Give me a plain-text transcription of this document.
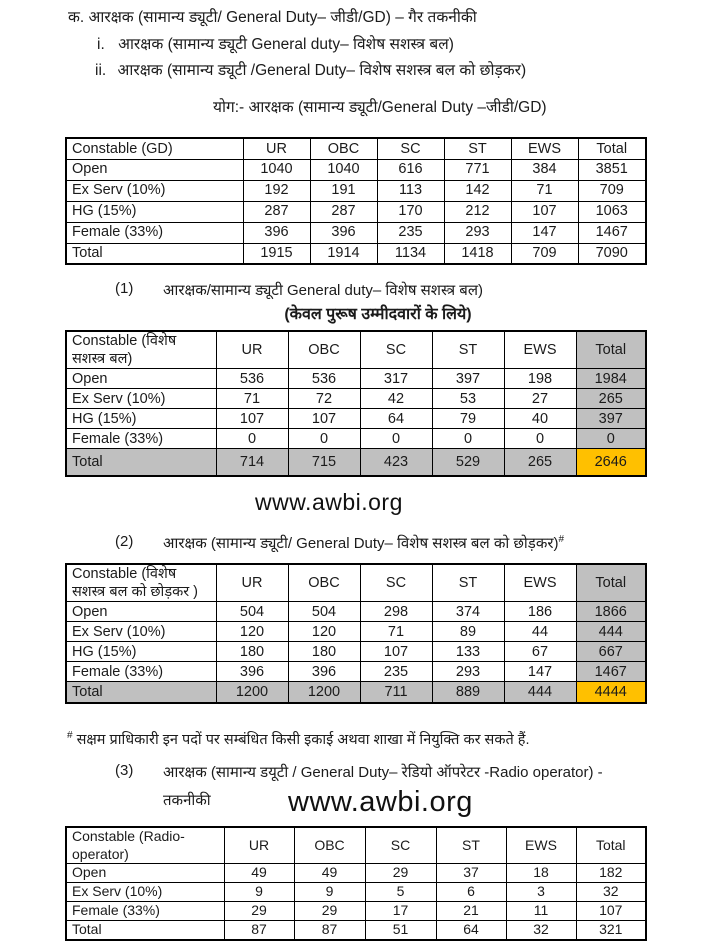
क. आरक्षक (सामान्य ड्यूटी/ General Duty– जीडी/GD) – गैर तकनीकी
i. आरक्षक (सामान्य ड्यूटी General duty– विशेष सशस्त्र बल)
ii. आरक्षक (सामान्य ड्यूटी /General Duty– विशेष सशस्त्र बल को छोड़कर)
योग:- आरक्षक (सामान्य ड्यूटी/General Duty –जीडी/GD)
Constable (GD)	UR	OBC	SC	ST	EWS	Total
Open	1040	1040	616	771	384	3851
Ex Serv (10%)	192	191	113	142	71	709
HG (15%)	287	287	170	212	107	1063
Female (33%)	396	396	235	293	147	1467
Total	1915	1914	1134	1418	709	7090
(1) आरक्षक/सामान्य ड्यूटी General duty– विशेष सशस्त्र बल)
(केवल पुरूष उम्मीदवारों के लिये)
Constable (विशेष सशस्त्र बल)	UR	OBC	SC	ST	EWS	Total
Open	536	536	317	397	198	1984
Ex Serv (10%)	71	72	42	53	27	265
HG (15%)	107	107	64	79	40	397
Female (33%)	0	0	0	0	0	0
Total	714	715	423	529	265	2646
www.awbi.org
(2) आरक्षक (सामान्य ड्यूटी/ General Duty– विशेष सशस्त्र बल को छोड़कर)#
Constable (विशेष सशस्त्र बल को छोड़कर )	UR	OBC	SC	ST	EWS	Total
Open	504	504	298	374	186	1866
Ex Serv (10%)	120	120	71	89	44	444
HG (15%)	180	180	107	133	67	667
Female (33%)	396	396	235	293	147	1467
Total	1200	1200	711	889	444	4444
# सक्षम प्राधिकारी इन पदों पर सम्बंधित किसी इकाई अथवा शाखा में नियुक्ति कर सकते हैं.
(3) आरक्षक (सामान्य डयूटी / General Duty– रेडियो ऑपरेटर -Radio operator) -
तकनीकी	www.awbi.org
Constable (Radio-operator)	UR	OBC	SC	ST	EWS	Total
Open	49	49	29	37	18	182
Ex Serv (10%)	9	9	5	6	3	32
Female (33%)	29	29	17	21	11	107
Total	87	87	51	64	32	321
